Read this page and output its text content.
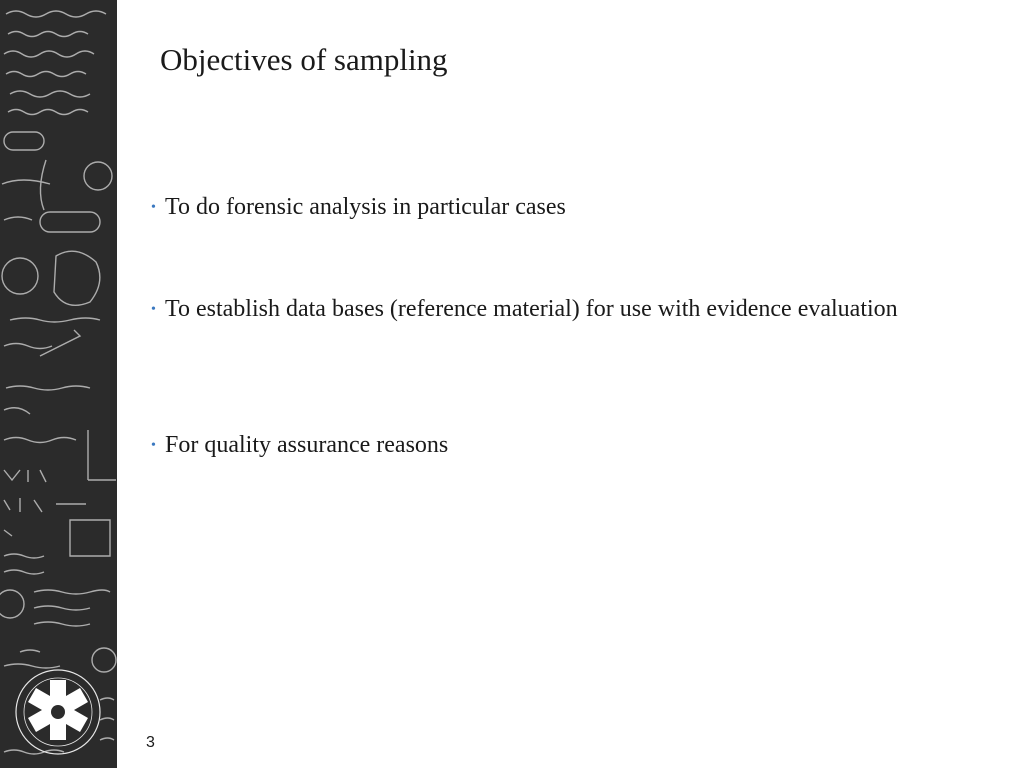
Objectives of sampling
• To do forensic analysis in particular cases
• To establish data bases (reference material) for use with evidence evaluation
• For quality assurance reasons
3
